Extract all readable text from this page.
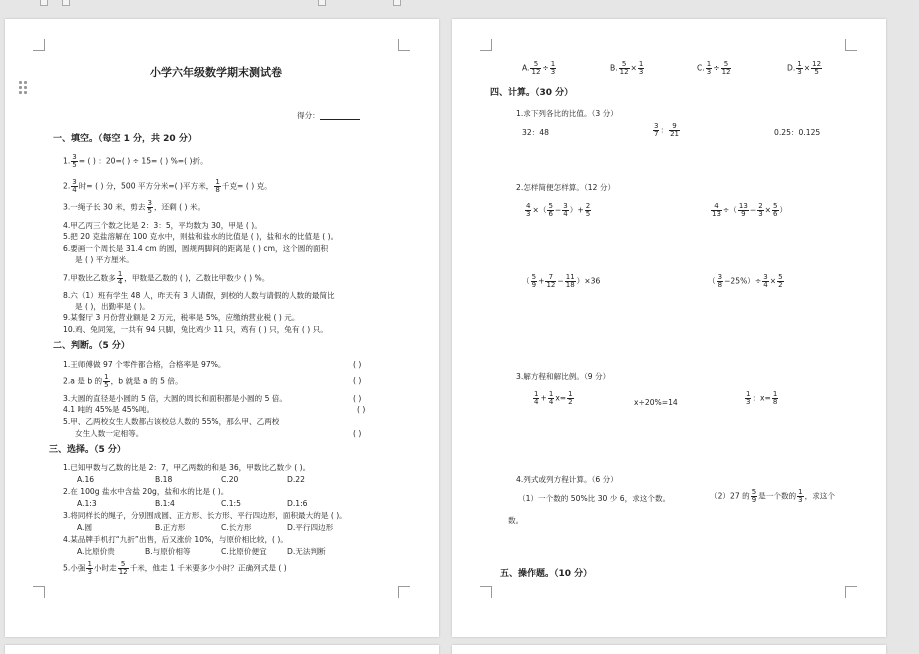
小学六年级数学期末测试卷
得分：
一、填空。（每空 1 分，共 20 分）
1. $\frac{3}{5}$ = ( ) ：20=( ) ÷ 15= ( ) %=( )折。
2. $\frac{3}{4}$ 时= ( ) 分，500 平方分米=( )平方米， $\frac{1}{8}$ 千克= ( ) 克。
3.一绳子长 30 米，剪去 $\frac{3}{5}$ ，还剩 ( ) 米。
4.甲乙丙三个数之比是 2：3：5，平均数为 30，甲是 ( )。
5.把 20 克盐溶解在 100 克水中，则盐和盐水的比值是 ( )，盐和水的比值是 ( )。
6.要画一个周长是 31.4 cm 的圆，圆规两脚间的距离是 ( ) cm，这个圆的面积
是 ( ) 平方厘米。
7.甲数比乙数多 $\frac{1}{4}$ ，甲数是乙数的 ( )，乙数比甲数少 ( ) %。
8.六（1）班有学生 48 人，昨天有 3 人请假，到校的人数与请假的人数的最简比
是 ( )，出勤率是 ( )。
9.某餐厅 3 月份营业额是 2 万元，税率是 5%，应缴纳营业税 ( ) 元。
10.鸡、兔同笼，一共有 94 只脚，兔比鸡少 11 只，鸡有 ( ) 只，兔有 ( ) 只。
二、判断。（5 分）
1.王师傅做 97 个零件都合格，合格率是 97%。	( )
2.a 是 b 的 $\frac{1}{5}$ ，b 就是 a 的 5 倍。	( )
3.大圆的直径是小圆的 5 倍，大圆的周长和面积都是小圆的 5 倍。	( )
4.1 吨的 45%是 45%吨。	( )
5.甲、乙两校女生人数都占该校总人数的 55%，那么甲、乙两校
女生人数一定相等。	( )
三、选择。（5 分）
1.已知甲数与乙数的比是 2：7，甲乙两数的和是 36，甲数比乙数少 ( )。
A.16	B.18	C.20	D.22
2.在 100g 盐水中含盐 20g，盐和水的比是 ( )。
A.1:3	B.1:4	C.1:5	D.1:6
3.将同样长的绳子，分别围成圆、正方形、长方形、平行四边形，面积最大的是 ( )。
A.圆	B.正方形	C.长方形	D.平行四边形
4.某品牌手机打“九折”出售，后又涨价 10%，与原价相比较，( )。
A.比原价贵	B.与原价相等	C.比原价便宜	D.无法判断
5.小强 $\frac{1}{3}$ 小时走 $\frac{5}{12}$ 千米，他走 1 千米要多少小时？正确列式是 ( )
A. $\frac{5}{12} \div \frac{1}{3}$	B. $\frac{5}{12} \times \frac{1}{3}$	C. $\frac{1}{3} \div \frac{5}{12}$	D. $\frac{1}{3} \times \frac{12}{5}$
四、计算。（30 分）
1.求下列各比的比值。（3 分）
32：48	$\frac{3}{7}$ ： $\frac{9}{21}$	0.25：0.125
2.怎样简便怎样算。（12 分）
$\frac{4}{3}$ ×（ $\frac{5}{6} - \frac{3}{4}$ ）+ $\frac{2}{5}$	$\frac{4}{13}$ ÷（ $\frac{13}{9} - \frac{2}{3} \times \frac{5}{6}$ ）
（ $\frac{5}{9} + \frac{7}{12} - \frac{11}{18} )\times 36$	（ $\frac{3}{8} -25\%)\div \frac{3}{4} \times \frac{5}{2}$
3.解方程和解比例。（9 分）
$\frac{1}{4} + \frac{1}{4} x= \frac{1}{2}$	x÷20%=14	$\frac{1}{3}$ ：$x= \frac{1}{8}$
4.列式或列方程计算。（6 分）
（1）一个数的 50%比 30 少 6，求这个数。	（2）27 的 $\frac{5}{9}$ 是一个数的 $\frac{1}{3}$ ，求这个
数。
五、操作题。（10 分）
